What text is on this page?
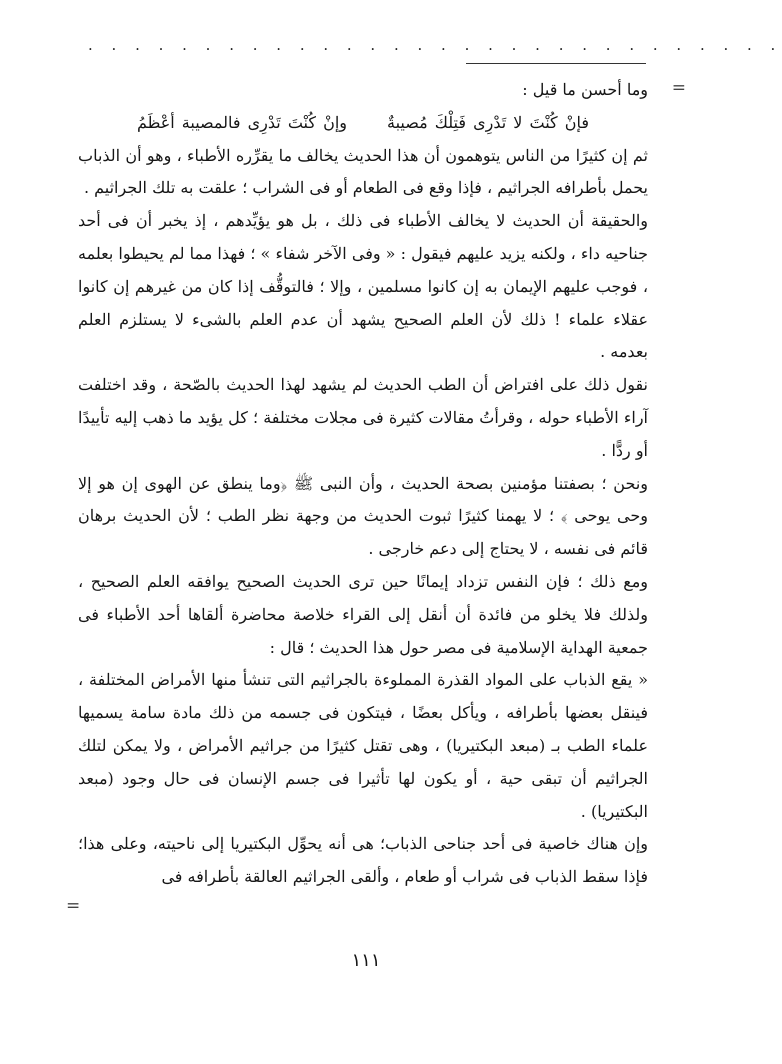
· · · · · · · · · · · · · · · · · · · · · · · · · · · · · ·
=
=

وما أحسن ما قيل :

فإنْ كُنْتَ لا تَدْرِى فَتِلْكَ مُصيبةٌوإنْ كُنْتَ تَدْرِى فالمصيبة أعْظَمُ

ثم إن كثيرًا من الناس يتوهمون أن هذا الحديث يخالف ما يقرِّره الأطباء ، وهو أن الذباب يحمل بأطرافه الجراثيم ، فإذا وقع فى الطعام أو فى الشراب ؛ علقت به تلك الجراثيم .

والحقيقة أن الحديث لا يخالف الأطباء فى ذلك ، بل هو يؤيِّدهم ، إذ يخبر أن فى أحد جناحيه داء ، ولكنه يزيد عليهم فيقول : « وفى الآخر شفاء » ؛ فهذا مما لم يحيطوا بعلمه ، فوجب عليهم الإيمان به إن كانوا مسلمين ، وإلا ؛ فالتوقُّف إذا كان من غيرهم إن كانوا عقلاء علماء ! ذلك لأن العلم الصحيح يشهد أن عدم العلم بالشىء لا يستلزم العلم بعدمه .

نقول ذلك على افتراض أن الطب الحديث لم يشهد لهذا الحديث بالصّحة ، وقد اختلفت آراء الأطباء حوله ، وقرأتُ مقالات كثيرة فى مجلات مختلفة ؛ كل يؤيد ما ذهب إليه تأييدًا أو ردًّا .

ونحن ؛ بصفتنا مؤمنين بصحة الحديث ، وأن النبى ﷺ ﴿وما ينطق عن الهوى إن هو إلا وحى يوحى ﴾ ؛ لا يهمنا كثيرًا ثبوت الحديث من وجهة نظر الطب ؛ لأن الحديث برهان قائم فى نفسه ، لا يحتاج إلى دعم خارجى .

ومع ذلك ؛ فإن النفس تزداد إيمانًا حين ترى الحديث الصحيح يوافقه العلم الصحيح ، ولذلك فلا يخلو من فائدة أن أنقل إلى القراء خلاصة محاضرة ألقاها أحد الأطباء فى جمعية الهداية الإسلامية فى مصر حول هذا الحديث ؛ قال :

« يقع الذباب على المواد القذرة المملوءة بالجراثيم التى تنشأ منها الأمراض المختلفة ، فينقل بعضها بأطرافه ، ويأكل بعضًا ، فيتكون فى جسمه من ذلك مادة سامة يسميها علماء الطب بـ (مبعد البكتيريا) ، وهى تقتل كثيرًا من جراثيم الأمراض ، ولا يمكن لتلك الجراثيم أن تبقى حية ، أو يكون لها تأثيرا فى جسم الإنسان فى حال وجود (مبعد البكتيريا) .

وإن هناك خاصية فى أحد جناحى الذباب؛ هى أنه يحوِّل البكتيريا إلى ناحيته، وعلى هذا؛ فإذا سقط الذباب فى شراب أو طعام ، وألقى الجراثيم العالقة بأطرافه فى

١١١
